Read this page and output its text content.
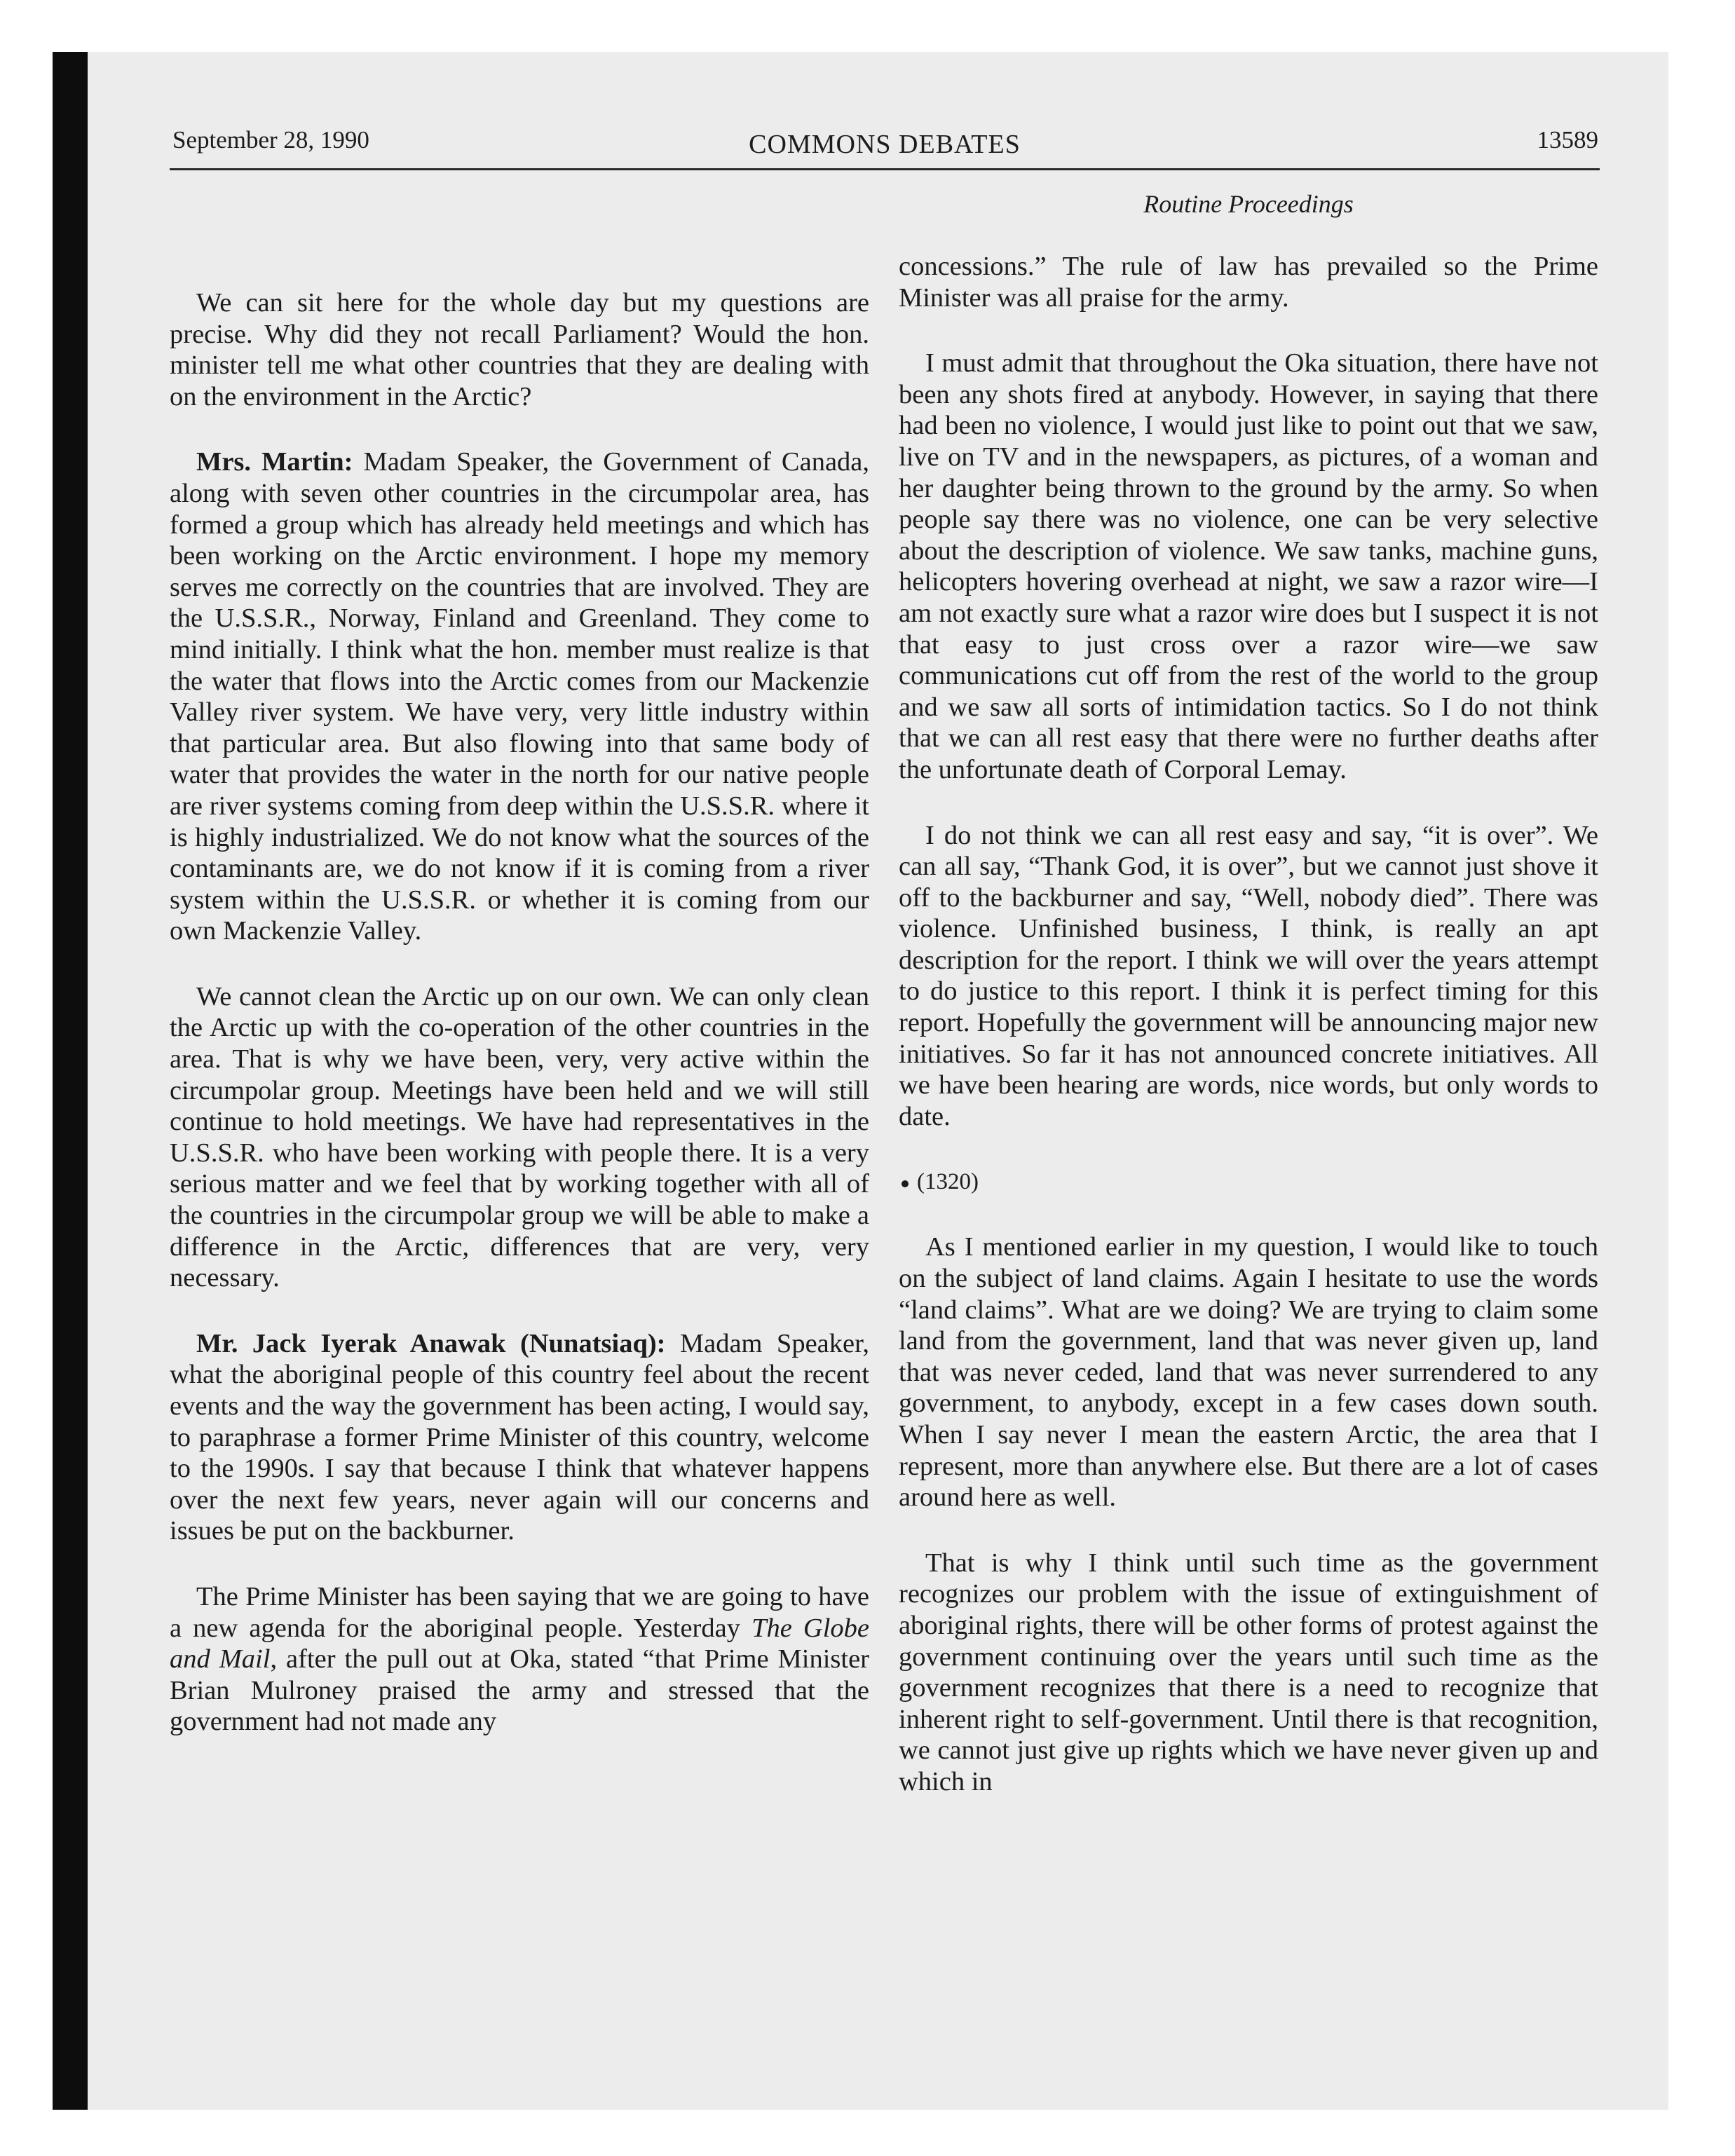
September 28, 1990	COMMONS DEBATES	13589

We can sit here for the whole day but my questions are precise. Why did they not recall Parliament? Would the hon. minister tell me what other countries that they are dealing with on the environment in the Arctic?

Mrs. Martin: Madam Speaker, the Government of Canada, along with seven other countries in the circumpolar area, has formed a group which has already held meetings and which has been working on the Arctic environment. I hope my memory serves me correctly on the countries that are involved. They are the U.S.S.R., Norway, Finland and Greenland. They come to mind initially. I think what the hon. member must realize is that the water that flows into the Arctic comes from our Mackenzie Valley river system. We have very, very little industry within that particular area. But also flowing into that same body of water that provides the water in the north for our native people are river systems coming from deep within the U.S.S.R. where it is highly industrialized. We do not know what the sources of the contaminants are, we do not know if it is coming from a river system within the U.S.S.R. or whether it is coming from our own Mackenzie Valley.

We cannot clean the Arctic up on our own. We can only clean the Arctic up with the co-operation of the other countries in the area. That is why we have been, very, very active within the circumpolar group. Meetings have been held and we will still continue to hold meetings. We have had representatives in the U.S.S.R. who have been working with people there. It is a very serious matter and we feel that by working together with all of the countries in the circumpolar group we will be able to make a difference in the Arctic, differences that are very, very necessary.

Mr. Jack Iyerak Anawak (Nunatsiaq): Madam Speaker, what the aboriginal people of this country feel about the recent events and the way the government has been acting, I would say, to paraphrase a former Prime Minister of this country, welcome to the 1990s. I say that because I think that whatever happens over the next few years, never again will our concerns and issues be put on the backburner.

The Prime Minister has been saying that we are going to have a new agenda for the aboriginal people. Yesterday The Globe and Mail, after the pull out at Oka, stated “that Prime Minister Brian Mulroney praised the army and stressed that the government had not made any

Routine Proceedings

concessions.” The rule of law has prevailed so the Prime Minister was all praise for the army.

I must admit that throughout the Oka situation, there have not been any shots fired at anybody. However, in saying that there had been no violence, I would just like to point out that we saw, live on TV and in the newspapers, as pictures, of a woman and her daughter being thrown to the ground by the army. So when people say there was no violence, one can be very selective about the description of violence. We saw tanks, machine guns, helicopters hovering overhead at night, we saw a razor wire—I am not exactly sure what a razor wire does but I suspect it is not that easy to just cross over a razor wire—we saw communications cut off from the rest of the world to the group and we saw all sorts of intimidation tactics. So I do not think that we can all rest easy that there were no further deaths after the unfortunate death of Corporal Lemay.

I do not think we can all rest easy and say, “it is over”. We can all say, “Thank God, it is over”, but we cannot just shove it off to the backburner and say, “Well, nobody died”. There was violence. Unfinished business, I think, is really an apt description for the report. I think we will over the years attempt to do justice to this report. I think it is perfect timing for this report. Hopefully the government will be announcing major new initiatives. So far it has not announced concrete initiatives. All we have been hearing are words, nice words, but only words to date.

(1320)

As I mentioned earlier in my question, I would like to touch on the subject of land claims. Again I hesitate to use the words “land claims”. What are we doing? We are trying to claim some land from the government, land that was never given up, land that was never ceded, land that was never surrendered to any government, to anybody, except in a few cases down south. When I say never I mean the eastern Arctic, the area that I represent, more than anywhere else. But there are a lot of cases around here as well.

That is why I think until such time as the government recognizes our problem with the issue of extinguishment of aboriginal rights, there will be other forms of protest against the government continuing over the years until such time as the government recognizes that there is a need to recognize that inherent right to self-government. Until there is that recognition, we cannot just give up rights which we have never given up and which in
